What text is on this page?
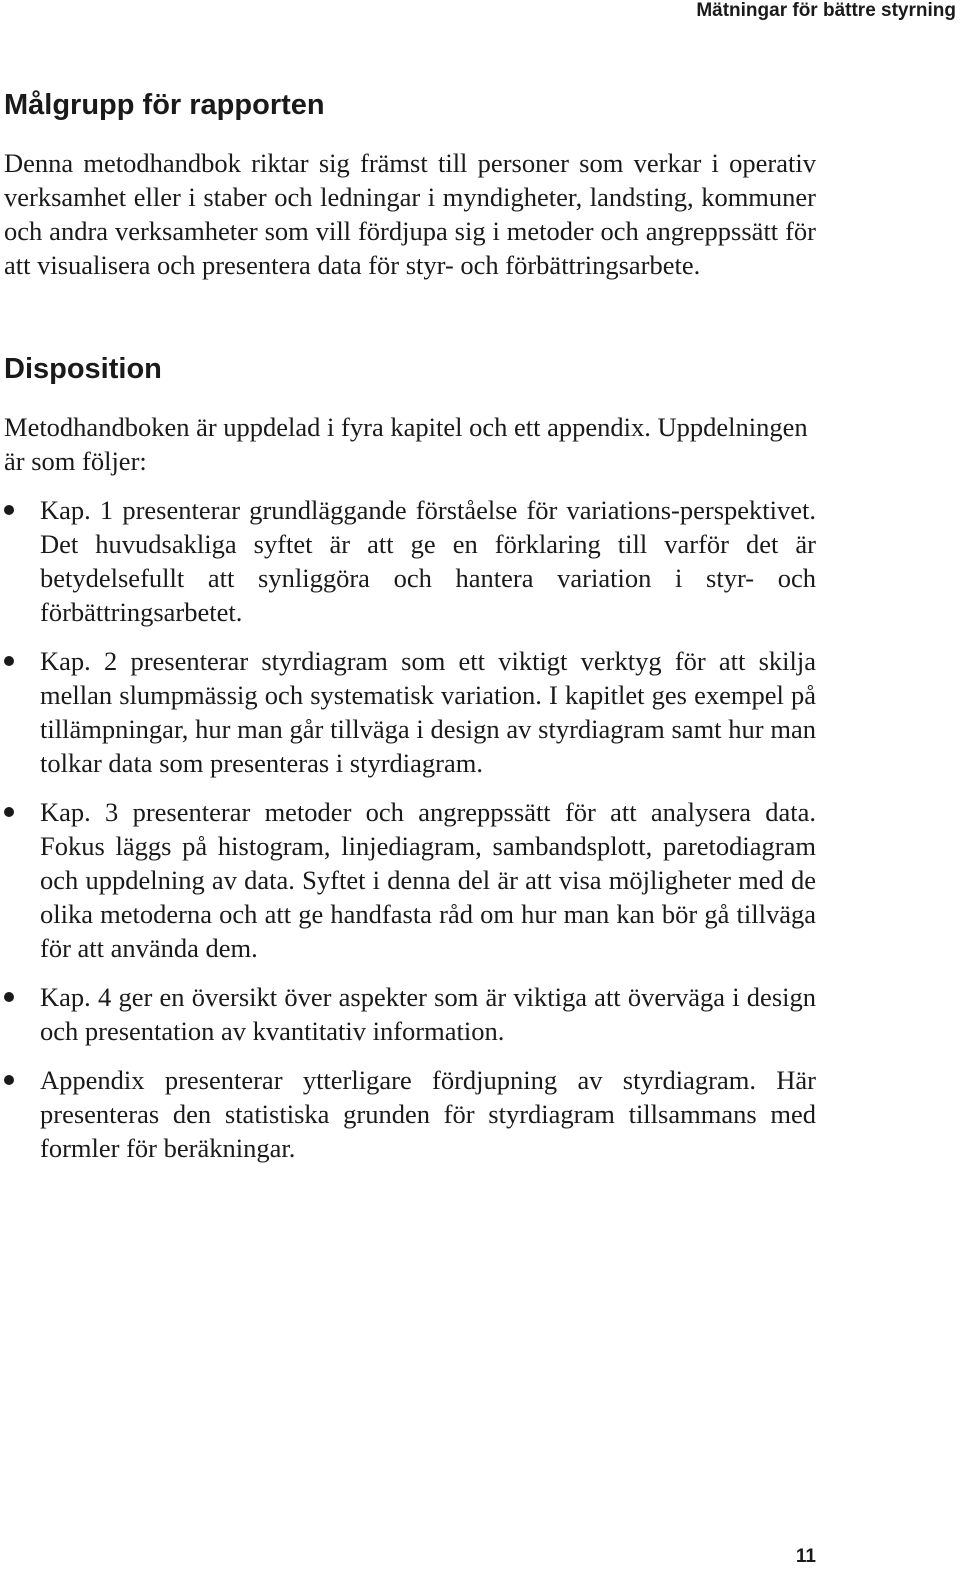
Mätningar för bättre styrning
Målgrupp för rapporten

Denna metodhandbok riktar sig främst till personer som verkar i operativ verksamhet eller i staber och ledningar i myndigheter, landsting, kommuner och andra verksamheter som vill fördjupa sig i metoder och angreppssätt för att visualisera och presentera data för styr- och förbättringsarbete.

Disposition

Metodhandboken är uppdelad i fyra kapitel och ett appendix. Uppdelningen är som följer:

Kap. 1 presenterar grundläggande förståelse för variations-perspektivet. Det huvudsakliga syftet är att ge en förklaring till varför det är betydelsefullt att synliggöra och hantera variation i styr- och förbättringsarbetet.

Kap. 2 presenterar styrdiagram som ett viktigt verktyg för att skilja mellan slumpmässig och systematisk variation. I kapitlet ges exempel på tillämpningar, hur man går tillväga i design av styrdiagram samt hur man tolkar data som presenteras i styrdiagram.

Kap. 3 presenterar metoder och angreppssätt för att analysera data. Fokus läggs på histogram, linjediagram, sambandsplott, paretodiagram och uppdelning av data. Syftet i denna del är att visa möjligheter med de olika metoderna och att ge handfasta råd om hur man kan bör gå tillväga för att använda dem.

Kap. 4 ger en översikt över aspekter som är viktiga att överväga i design och presentation av kvantitativ information.

Appendix presenterar ytterligare fördjupning av styrdiagram. Här presenteras den statistiska grunden för styrdiagram tillsammans med formler för beräkningar.

11
